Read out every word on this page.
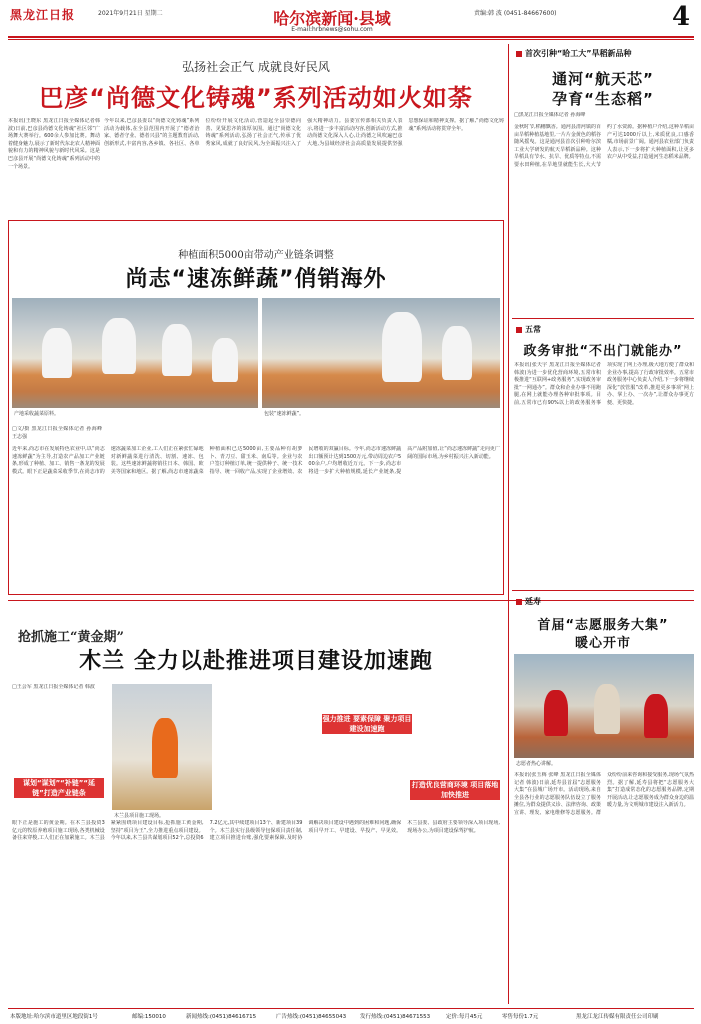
黑龙江日报	2021年9月21日 星期二	哈尔滨新闻·县域
E-mail:hrbnews@sohu.com
责编:韩 波 (0451-84667600)	4
弘扬社会正气 成就良好民风
巴彦“尚德文化铸魂”系列活动如火如荼
本报讯(王晓东 黑龙江日报全媒体记者韩波)日前,巴彦县尚德文化铸魂“社区邻”广场舞大赛举行。600余人参加比赛。舞动着健身魅力,展示了新时代东北农人精神面貌和有力的精神风貌与新时代风采。这是巴彦县开展“尚德文化铸魂”系列活动中的一个场景。
今年以来,巴彦县委以“尚德文化铸魂”系列活动为载体,在全县范围内开展了“德者治家、德者守业、德者兴县”的主题教育活动,创新形式,丰富内容,各乡镇、各社区、各单位纷纷开展文化活动,营造起全县崇德向善、见贤思齐的浓厚氛围。通过“尚德文化铸魂”系列活动,弘扬了社会正气,传承了优秀家风,成就了良好民风,为全面振兴注入了强大精神动力。县委宣传部相关负责人表示,将进一步丰富活动内容,创新活动方式,推动尚德文化深入人心,让尚德之风吹遍巴彦大地,为县域经济社会高质量发展提供坚强思想保证和精神支撑。据了解,“尚德文化铸魂”系列活动将贯穿全年。
种植面积5000亩带动产业链条调整
尚志“速冻鲜蔬”俏销海外
产地采收蔬菜原料。	包装“速冻鲜蔬”。
□文/摄 黑龙江日报全媒体记者 孙海峰 王志强
近年来,尚志市在发展特色农业中,以“尚志速冻鲜蔬”为主导,打造农产品加工产业链条,形成了种植、加工、销售一条龙的发展模式。眼下正是蔬菜采收季节,在尚志市的速冻蔬菜加工企业,工人们正在紧张忙碌地对新鲜蔬菜进行清洗、切割、速冻、包装。这些速冻鲜蔬将销往日本、韩国、欧美等国家和地区。据了解,尚志市速冻蔬菜种植面积已达5000亩,主要品种有胡萝卜、青刀豆、甜玉米、南瓜等。企业与农户签订种植订单,统一提供种子、统一技术指导、统一回收产品,实现了企业增效、农民增收的双赢目标。今年,尚志市速冻鲜蔬出口额预计达到1500万元,带动周边农户500余户,户均增收近万元。下一步,尚志市将进一步扩大种植规模,延长产业链条,提高产品附加值,让“尚志速冻鲜蔬”走向更广阔的国际市场,为乡村振兴注入新动能。
抢抓施工“黄金期”
木兰 全力以赴推进项目建设加速跑
□王会军 黑龙江日报全媒体记者 韩波
谋划“谋划”“补链”“延链”打造产业链条
木兰县项目施工现场。
强力推进 要素保障 聚力项目建设加速跑
打造优良营商环境 项目落地加快推进
眼下正是施工的黄金期。在木兰县投资3亿元的牧原养殖项目施工现场,各类机械设备往来穿梭,工人们正在加紧施工。木兰县紧紧围绕项目建设目标,抢抓施工黄金期,坚持“项目为王”,全力推进重点项目建设。今年以来,木兰县共谋划项目52个,总投资67.2亿元,其中续建项目13个、新建项目39个。木兰县实行县级领导包保项目责任制,建立项目推进台账,强化要素保障,及时协调解决项目建设中遇到的困难和问题,确保项目早开工、早建设、早投产、早见效。木兰县委、县政府主要领导深入项目现场,现场办公,为项目建设保驾护航。
首次引种“哈工大”旱稻新品种
通河“航天芯”
孕育“生态稻”
□黑龙江日报全媒体记者 孙海峰
金秋时节,稻穗飘香。通河县清河镇的百亩旱稻种植基地里,一片片金黄色的稻谷随风摇曳。这是通河县首次引种哈尔滨工业大学研发的航天旱稻新品种。这种旱稻具有节水、抗旱、优质等特点,不需要水田种植,在旱地里就能生长,大大节约了水资源。据种植户介绍,这种旱稻亩产可达1000斤以上,米质优良,口感香糯,市场前景广阔。通河县农业部门负责人表示,下一步将扩大种植面积,让更多农户从中受益,打造通河生态稻米品牌。
五常
政务审批“不出门就能办”
本报讯(张天宇 黑龙江日报全媒体记者 韩波)为进一步优化营商环境,五常市积极推进“互联网+政务服务”,实现政务审批“一网通办”。群众和企业办事不用跑腿,在网上就能办理各种审批事项。目前,五常市已有90%以上的政务服务事项实现了网上办理,极大地方便了群众和企业办事,提高了行政审批效率。五常市政务服务中心负责人介绍,下一步将继续深化“放管服”改革,推进更多事项“网上办、掌上办、一次办”,让群众办事更方便、更快捷。
延寿
首届“志愿服务大集”
暖心开市
志愿者热心讲解。
本报讯(张玉梅 张峰 黑龙江日报全媒体记者 韩波)日前,延寿县首届“志愿服务大集”在县城广场开市。活动现场,来自全县各行业的志愿服务队伍设立了服务摊位,为群众提供义诊、法律咨询、政策宣讲、理发、家电维修等志愿服务。群众纷纷前来咨询和接受服务,现场气氛热烈。据了解,延寿县将把“志愿服务大集”打造成常态化的志愿服务品牌,定期开展活动,让志愿服务成为群众身边的温暖力量,为文明城市建设注入新活力。
本版地址:哈尔滨市道里区地段街1号	邮编:150010	新闻热线:(0451)84616715	广告热线:(0451)84655043	发行热线:(0451)84671553	定价:每月45元	零售每份1.7元	黑龙江龙江传媒有限责任公司印刷
